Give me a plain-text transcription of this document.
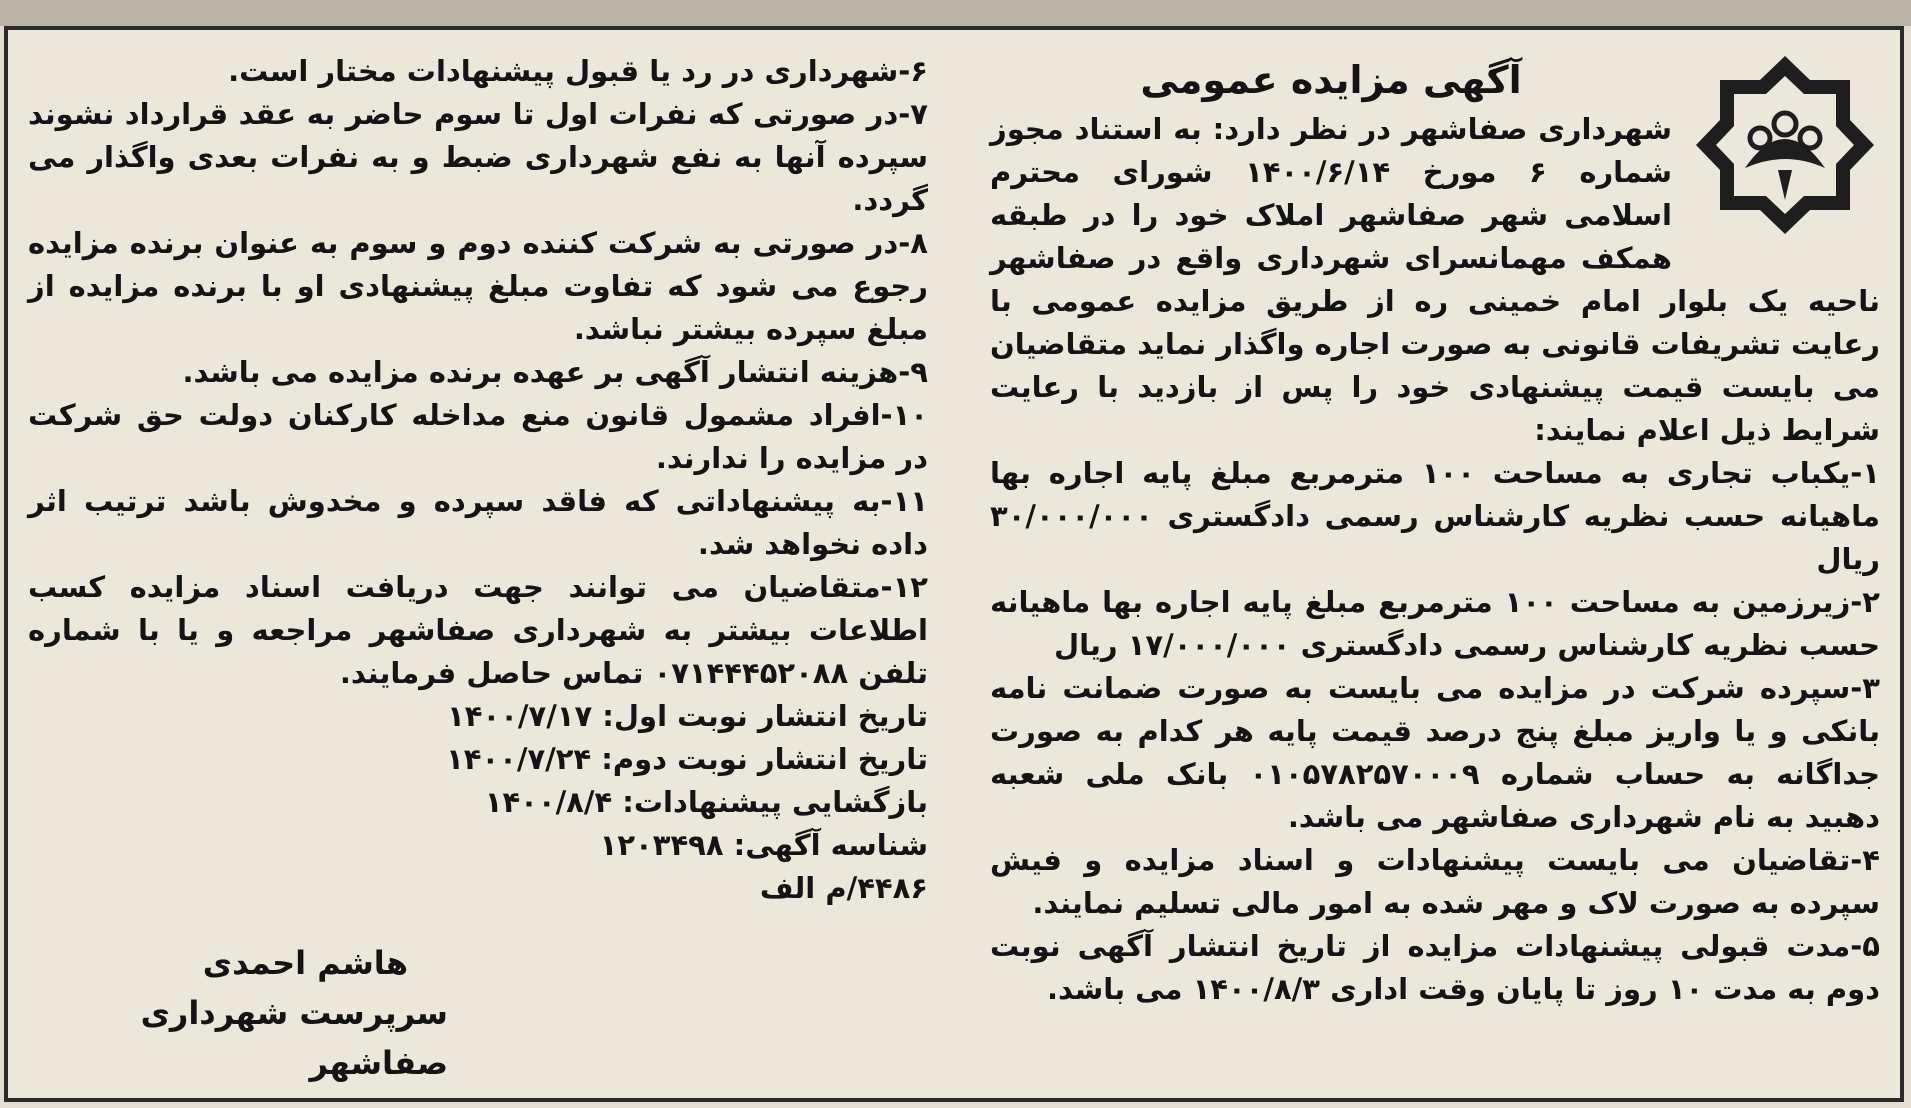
آگهی مزایده عمومی

شهرداری صفاشهر در نظر دارد: به استناد مجوز شماره ۶ مورخ ۱۴۰۰/۶/۱۴ شورای محترم اسلامی شهر صفاشهر املاک خود را در طبقه همکف مهمانسرای شهرداری واقع در صفاشهر ناحیه یک بلوار امام خمینی ره از طریق مزایده عمومی با رعایت تشریفات قانونی به صورت اجاره واگذار نماید متقاضیان می بایست قیمت پیشنهادی خود را پس از بازدید با رعایت شرایط ذیل اعلام نمایند:

۱-یکباب تجاری به مساحت ۱۰۰ مترمربع مبلغ پایه اجاره بها ماهیانه حسب نظریه کارشناس رسمی دادگستری ۳۰/۰۰۰/۰۰۰ ریال

۲-زیرزمین به مساحت ۱۰۰ مترمربع مبلغ پایه اجاره بها ماهیانه حسب نظریه کارشناس رسمی دادگستری ۱۷/۰۰۰/۰۰۰ ریال

۳-سپرده شرکت در مزایده می بایست به صورت ضمانت نامه بانکی و یا واریز مبلغ پنج درصد قیمت پایه هر کدام به صورت جداگانه به حساب شماره ۰۱۰۵۷۸۲۵۷۰۰۰۹ بانک ملی شعبه دهبید به نام شهرداری صفاشهر می باشد.

۴-تقاضیان می بایست پیشنهادات و اسناد مزایده و فیش سپرده به صورت لاک و مهر شده به امور مالی تسلیم نمایند.

۵-مدت قبولی پیشنهادات مزایده از تاریخ انتشار آگهی نوبت دوم به مدت ۱۰ روز تا پایان وقت اداری ۱۴۰۰/۸/۳ می باشد.

۶-شهرداری در رد یا قبول پیشنهادات مختار است.

۷-در صورتی که نفرات اول تا سوم حاضر به عقد قرارداد نشوند سپرده آنها به نفع شهرداری ضبط و به نفرات بعدی واگذار می گردد.

۸-در صورتی به شرکت کننده دوم و سوم به عنوان برنده مزایده رجوع می شود که تفاوت مبلغ پیشنهادی او با برنده مزایده از مبلغ سپرده بیشتر نباشد.

۹-هزینه انتشار آگهی بر عهده برنده مزایده می باشد.

۱۰-افراد مشمول قانون منع مداخله کارکنان دولت حق شرکت در مزایده را ندارند.

۱۱-به پیشنهاداتی که فاقد سپرده و مخدوش باشد ترتیب اثر داده نخواهد شد.

۱۲-متقاضیان می توانند جهت دریافت اسناد مزایده کسب اطلاعات بیشتر به شهرداری صفاشهر مراجعه و یا با شماره تلفن ۰۷۱۴۴۴۵۲۰۸۸ تماس حاصل فرمایند.

تاریخ انتشار نوبت اول: ۱۴۰۰/۷/۱۷

تاریخ انتشار نوبت دوم: ۱۴۰۰/۷/۲۴

بازگشایی پیشنهادات: ۱۴۰۰/۸/۴

شناسه آگهی: ۱۲۰۳۴۹۸

۴۴۸۶/م الف

هاشم احمدی
سرپرست شهرداری صفاشهر
